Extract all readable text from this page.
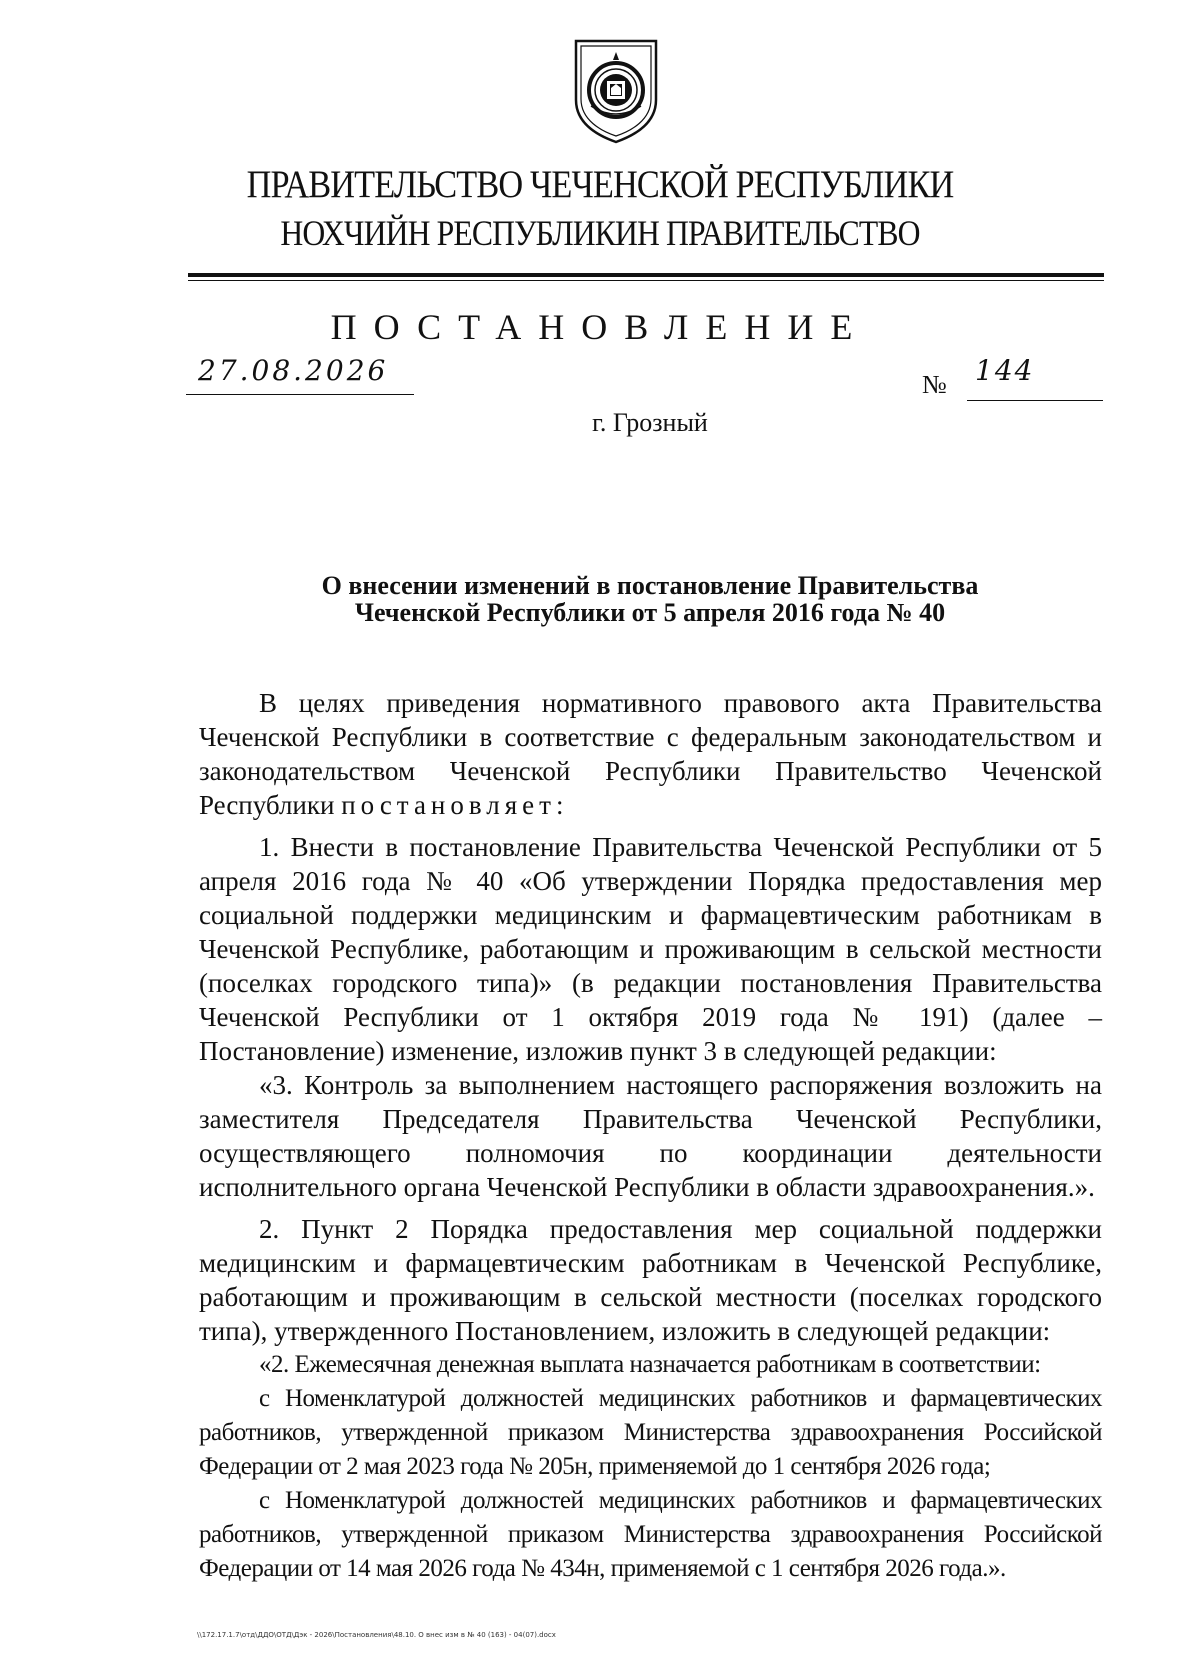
ПРАВИТЕЛЬСТВО ЧЕЧЕНСКОЙ РЕСПУБЛИКИ
НОХЧИЙН РЕСПУБЛИКИН ПРАВИТЕЛЬСТВО
ПОСТАНОВЛЕНИЕ
27.08.2026	№ 144
г. Грозный
О внесении изменений в постановление Правительства
Чеченской Республики от 5 апреля 2016 года № 40

В целях приведения нормативного правового акта Правительства Чеченской Республики в соответствие с федеральным законодательством и законодательством Чеченской Республики Правительство Чеченской Республики постановляет:

1. Внести в постановление Правительства Чеченской Республики от 5 апреля 2016 года № 40 «Об утверждении Порядка предоставления мер социальной поддержки медицинским и фармацевтическим работникам в Чеченской Республике, работающим и проживающим в сельской местности (поселках городского типа)» (в редакции постановления Правительства Чеченской Республики от 1 октября 2019 года № 191) (далее – Постановление) изменение, изложив пункт 3 в следующей редакции:

«3. Контроль за выполнением настоящего распоряжения возложить на заместителя Председателя Правительства Чеченской Республики, осуществляющего полномочия по координации деятельности исполнительного органа Чеченской Республики в области здравоохранения.».

2. Пункт 2 Порядка предоставления мер социальной поддержки медицинским и фармацевтическим работникам в Чеченской Республике, работающим и проживающим в сельской местности (поселках городского типа), утвержденного Постановлением, изложить в следующей редакции:

«2. Ежемесячная денежная выплата назначается работникам в соответствии:

с Номенклатурой должностей медицинских работников и фармацевтических работников, утвержденной приказом Министерства здравоохранения Российской Федерации от 2 мая 2023 года № 205н, применяемой до 1 сентября 2026 года;

с Номенклатурой должностей медицинских работников и фармацевтических работников, утвержденной приказом Министерства здравоохранения Российской Федерации от 14 мая 2026 года № 434н, применяемой с 1 сентября 2026 года.».

\\172.17.1.7\отд\ДДО\ОТД\Дэк - 2026\Постановления\48.10. О внес изм в № 40 (163) - 04(07).docx
